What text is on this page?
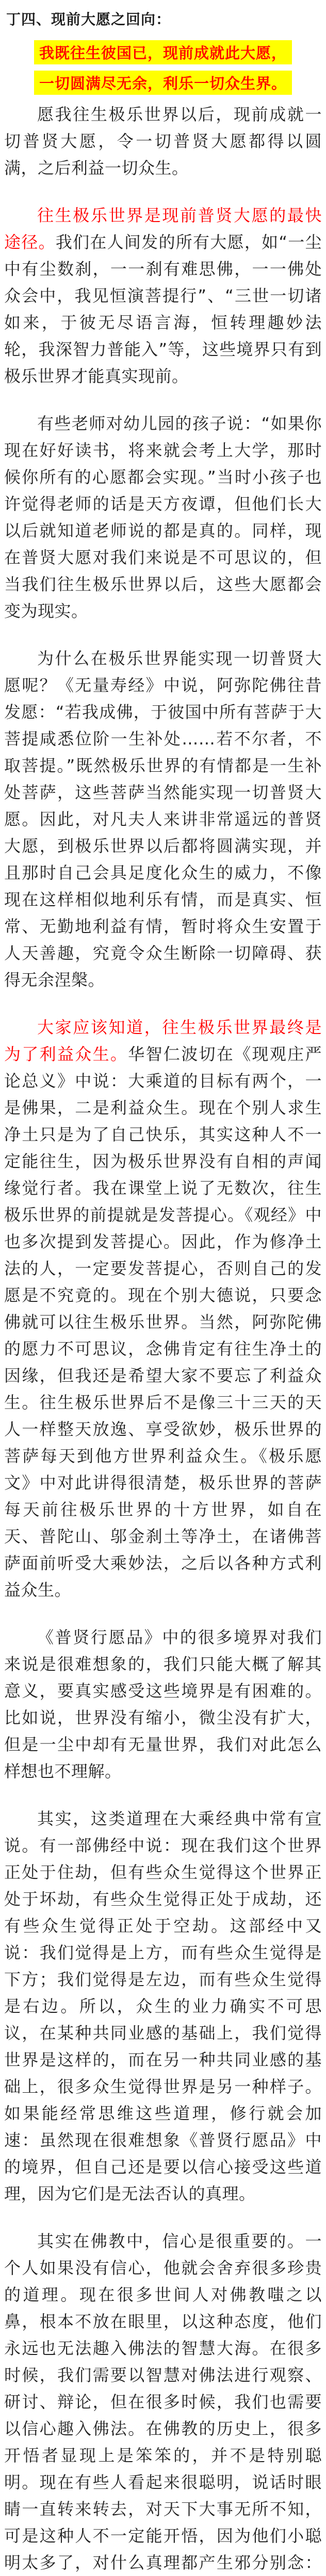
丁四、现前大愿之回向：
我既往生彼国已，现前成就此大愿，
一切圆满尽无余，利乐一切众生界。

愿我往生极乐世界以后，现前成就一切普贤大愿，令一切普贤大愿都得以圆满，之后利益一切众生。

往生极乐世界是现前普贤大愿的最快途径。我们在人间发的所有大愿，如“一尘中有尘数刹，一一刹有难思佛，一一佛处众会中，我见恒演菩提行”、“三世一切诸如来，于彼无尽语言海，恒转理趣妙法轮，我深智力普能入”等，这些境界只有到极乐世界才能真实现前。

有些老师对幼儿园的孩子说：“如果你现在好好读书，将来就会考上大学，那时候你所有的心愿都会实现。”当时小孩子也许觉得老师的话是天方夜谭，但他们长大以后就知道老师说的都是真的。同样，现在普贤大愿对我们来说是不可思议的，但当我们往生极乐世界以后，这些大愿都会变为现实。

为什么在极乐世界能实现一切普贤大愿呢？《无量寿经》中说，阿弥陀佛往昔发愿：“若我成佛，于彼国中所有菩萨于大菩提咸悉位阶一生补处……若不尔者，不取菩提。”既然极乐世界的有情都是一生补处菩萨，这些菩萨当然能实现一切普贤大愿。因此，对凡夫人来讲非常遥远的普贤大愿，到极乐世界以后都将圆满实现，并且那时自己会具足度化众生的威力，不像现在这样相似地利乐有情，而是真实、恒常、无勤地利益有情，暂时将众生安置于人天善趣，究竟令众生断除一切障碍、获得无余涅槃。

大家应该知道，往生极乐世界最终是为了利益众生。华智仁波切在《现观庄严论总义》中说：大乘道的目标有两个，一是佛果，二是利益众生。现在个别人求生净土只是为了自己快乐，其实这种人不一定能往生，因为极乐世界没有自相的声闻缘觉行者。我在课堂上说了无数次，往生极乐世界的前提就是发菩提心。《观经》中也多次提到发菩提心。因此，作为修净土法的人，一定要发菩提心，否则自己的发愿是不究竟的。现在个别大德说，只要念佛就可以往生极乐世界。当然，阿弥陀佛的愿力不可思议，念佛肯定有往生净土的因缘，但我还是希望大家不要忘了利益众生。往生极乐世界后不是像三十三天的天人一样整天放逸、享受欲妙，极乐世界的菩萨每天到他方世界利益众生。《极乐愿文》中对此讲得很清楚，极乐世界的菩萨每天前往极乐世界的十方世界，如自在天、普陀山、邬金刹土等净土，在诸佛菩萨面前听受大乘妙法，之后以各种方式利益众生。

《普贤行愿品》中的很多境界对我们来说是很难想象的，我们只能大概了解其意义，要真实感受这些境界是有困难的。比如说，世界没有缩小，微尘没有扩大，但是一尘中却有无量世界，我们对此怎么样想也不理解。

其实，这类道理在大乘经典中常有宣说。有一部佛经中说：现在我们这个世界正处于住劫，但有些众生觉得这个世界正处于坏劫，有些众生觉得正处于成劫，还有些众生觉得正处于空劫。这部经中又说：我们觉得是上方，而有些众生觉得是下方；我们觉得是左边，而有些众生觉得是右边。所以，众生的业力确实不可思议，在某种共同业感的基础上，我们觉得世界是这样的，而在另一种共同业感的基础上，很多众生觉得世界是另一种样子。如果能经常思维这些道理，修行就会加速：虽然现在很难想象《普贤行愿品》中的境界，但自己还是要以信心接受这些道理，因为它们是无法否认的真理。

其实在佛教中，信心是很重要的。一个人如果没有信心，他就会舍弃很多珍贵的道理。现在很多世间人对佛教嗤之以鼻，根本不放在眼里，以这种态度，他们永远也无法趣入佛法的智慧大海。在很多时候，我们需要以智慧对佛法进行观察、研讨、辩论，但在很多时候，我们也需要以信心趣入佛法。在佛教的历史上，很多开悟者显现上是笨笨的，并不是特别聪明。现在有些人看起来很聪明，说话时眼睛一直转来转去，对天下大事无所不知，可是这种人不一定能开悟，因为他们小聪明太多了，对什么真理都产生邪分别念：
